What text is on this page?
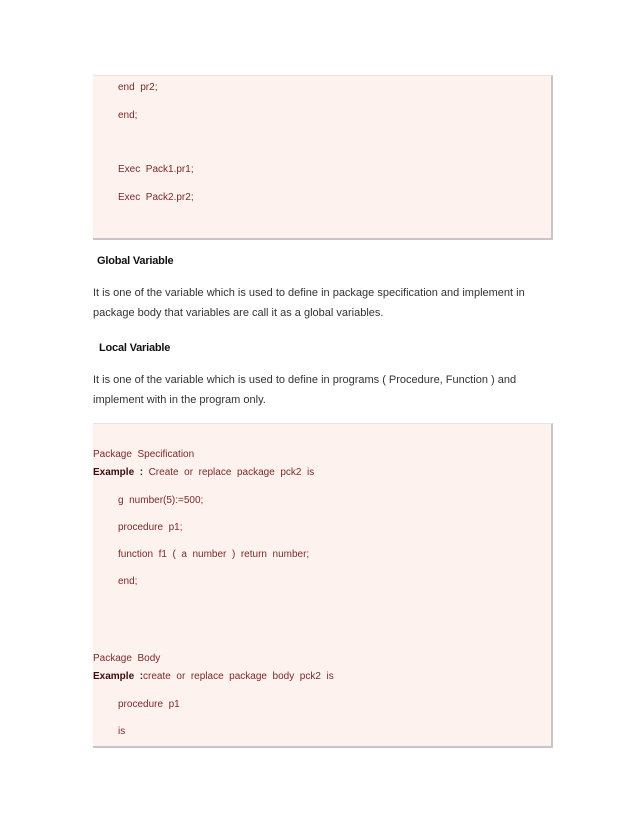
end  pr2;
end;
Exec  Pack1.pr1;
Exec  Pack2.pr2;
Global Variable
It is one of the variable which is used to define in package specification and implement in
package body that variables are call it as a global variables.
Local Variable
It is one of the variable which is used to define in programs ( Procedure, Function ) and
implement with in the program only.
Package  Specification
Example  :  Create  or  replace  package  pck2  is
g  number(5):=500;
procedure  p1;
function  f1  (  a  number  )  return  number;
end;
Package  Body
Example  :create  or  replace  package  body  pck2  is
procedure  p1
is
